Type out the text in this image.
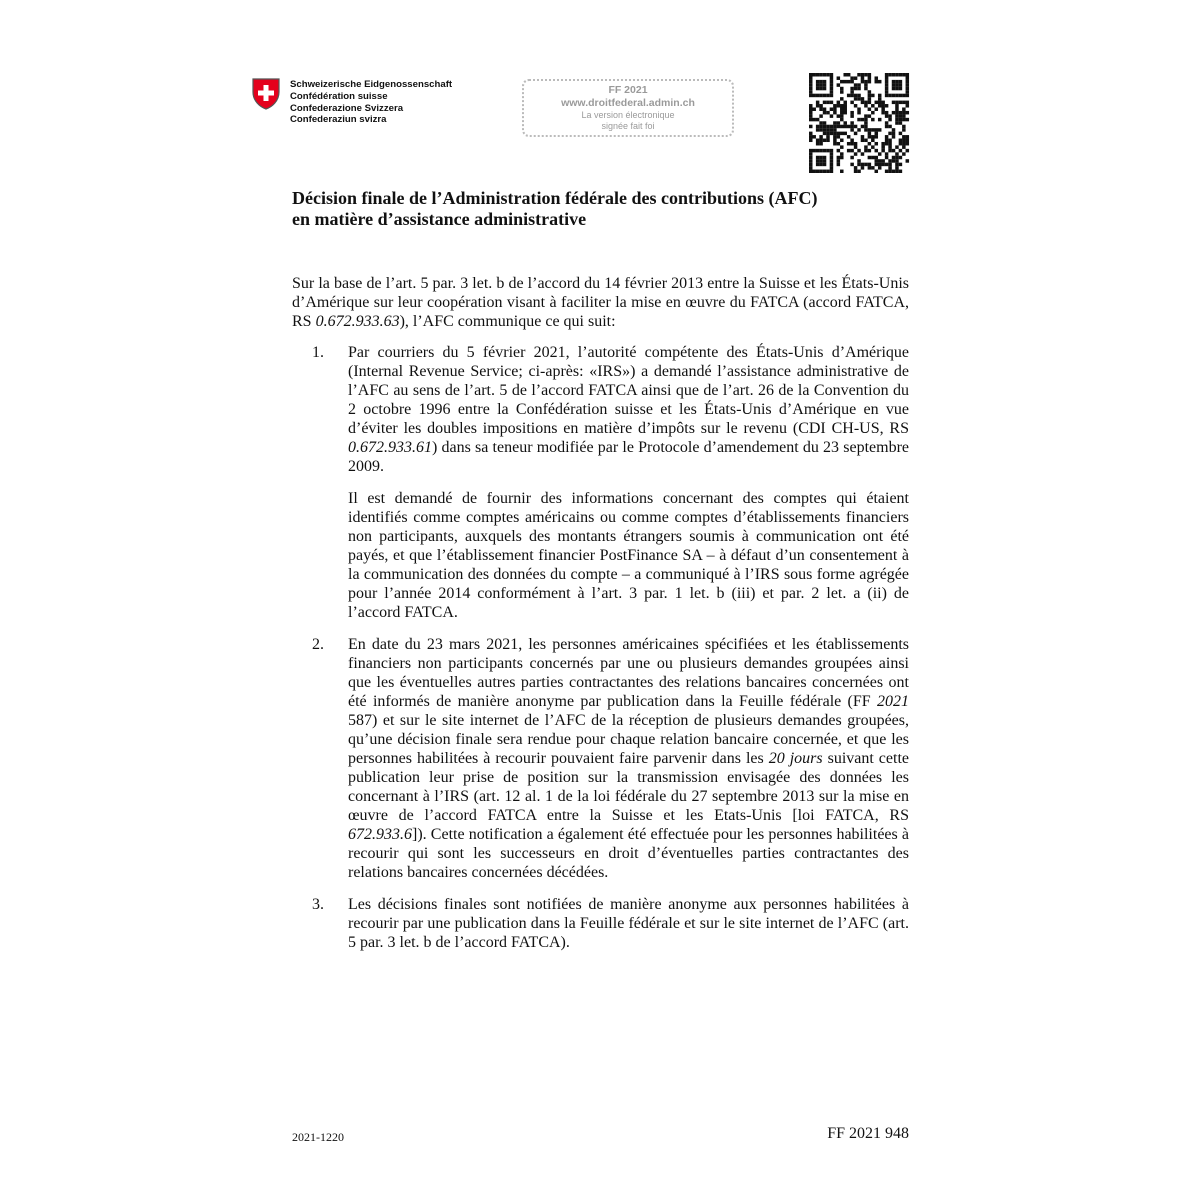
Schweizerische Eidgenossenschaft
Confédération suisse
Confederazione Svizzera
Confederaziun svizra
FF 2021
www.droitfederal.admin.ch
La version électronique
signée fait foi
Décision finale de l’Administration fédérale des contributions (AFC)
en matière d’assistance administrative

Sur la base de l’art. 5 par. 3 let. b de l’accord du 14 février 2013 entre la Suisse et les États-Unis d’Amérique sur leur coopération visant à faciliter la mise en œuvre du FATCA (accord FATCA, RS 0.672.933.63), l’AFC communique ce qui suit:

1. Par courriers du 5 février 2021, l’autorité compétente des États-Unis d’Amérique (Internal Revenue Service; ci-après: «IRS») a demandé l’assistance administrative de l’AFC au sens de l’art. 5 de l’accord FATCA ainsi que de l’art. 26 de la Convention du 2 octobre 1996 entre la Confédération suisse et les États-Unis d’Amérique en vue d’éviter les doubles impositions en matière d’impôts sur le revenu (CDI CH-US, RS 0.672.933.61) dans sa teneur modifiée par le Protocole d’amendement du 23 septembre 2009.

Il est demandé de fournir des informations concernant des comptes qui étaient identifiés comme comptes américains ou comme comptes d’établissements financiers non participants, auxquels des montants étrangers soumis à communication ont été payés, et que l’établissement financier PostFinance SA – à défaut d’un consentement à la communication des données du compte – a communiqué à l’IRS sous forme agrégée pour l’année 2014 conformément à l’art. 3 par. 1 let. b (iii) et par. 2 let. a (ii) de l’accord FATCA.

2. En date du 23 mars 2021, les personnes américaines spécifiées et les établissements financiers non participants concernés par une ou plusieurs demandes groupées ainsi que les éventuelles autres parties contractantes des relations bancaires concernées ont été informés de manière anonyme par publication dans la Feuille fédérale (FF 2021 587) et sur le site internet de l’AFC de la réception de plusieurs demandes groupées, qu’une décision finale sera rendue pour chaque relation bancaire concernée, et que les personnes habilitées à recourir pouvaient faire parvenir dans les 20 jours suivant cette publication leur prise de position sur la transmission envisagée des données les concernant à l’IRS (art. 12 al. 1 de la loi fédérale du 27 septembre 2013 sur la mise en œuvre de l’accord FATCA entre la Suisse et les Etats-Unis [loi FATCA, RS 672.933.6]). Cette notification a également été effectuée pour les personnes habilitées à recourir qui sont les successeurs en droit d’éventuelles parties contractantes des relations bancaires concernées décédées.

3. Les décisions finales sont notifiées de manière anonyme aux personnes habilitées à recourir par une publication dans la Feuille fédérale et sur le site internet de l’AFC (art. 5 par. 3 let. b de l’accord FATCA).

2021-1220	FF 2021 948
